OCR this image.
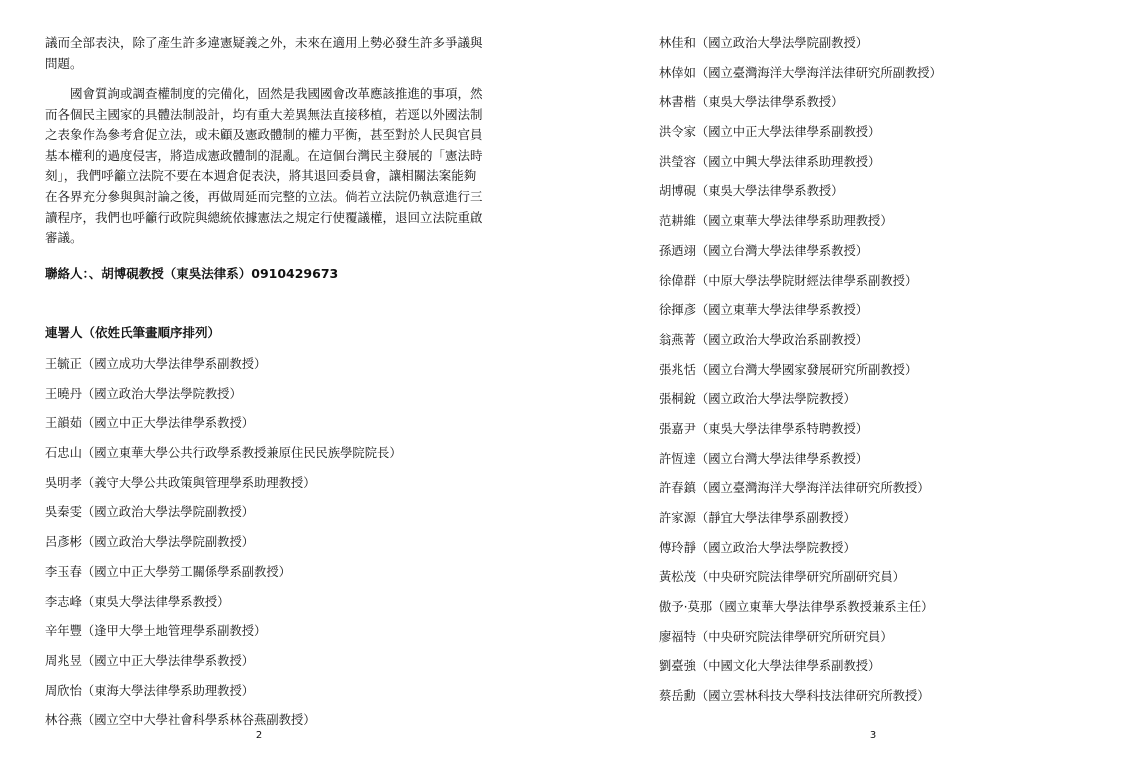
議而全部表決，除了產生許多違憲疑義之外，未來在適用上勢必發生許多爭議與問題。

國會質詢或調查權制度的完備化，固然是我國國會改革應該推進的事項，然而各個民主國家的具體法制設計，均有重大差異無法直接移植，若逕以外國法制之表象作為參考倉促立法，或未顧及憲政體制的權力平衡，甚至對於人民與官員基本權利的過度侵害，將造成憲政體制的混亂。在這個台灣民主發展的「憲法時刻」，我們呼籲立法院不要在本週倉促表決，將其退回委員會，讓相關法案能夠在各界充分參與與討論之後，再做周延而完整的立法。倘若立法院仍執意進行三讀程序，我們也呼籲行政院與總統依據憲法之規定行使覆議權，退回立法院重啟審議。

聯絡人：、胡博硯教授（東吳法律系）0910429673
連署人（依姓氏筆畫順序排列）
王毓正（國立成功大學法律學系副教授）
王曉丹（國立政治大學法學院教授）
王韻茹（國立中正大學法律學系教授）
石忠山（國立東華大學公共行政學系教授兼原住民民族學院院長）
吳明孝（義守大學公共政策與管理學系助理教授）
吳秦雯（國立政治大學法學院副教授）
呂彥彬（國立政治大學法學院副教授）
李玉春（國立中正大學勞工關係學系副教授）
李志峰（東吳大學法律學系教授）
辛年豐（逢甲大學土地管理學系副教授）
周兆昱（國立中正大學法律學系教授）
周欣怡（東海大學法律學系助理教授）
林谷燕（國立空中大學社會科學系林谷燕副教授）
2
林佳和（國立政治大學法學院副教授）
林倖如（國立臺灣海洋大學海洋法律研究所副教授）
林書楷（東吳大學法律學系教授）
洪令家（國立中正大學法律學系副教授）
洪瑩容（國立中興大學法律系助理教授）
胡博硯（東吳大學法律學系教授）
范耕維（國立東華大學法律學系助理教授）
孫迺翊（國立台灣大學法律學系教授）
徐偉群（中原大學法學院財經法律學系副教授）
徐揮彥（國立東華大學法律學系教授）
翁燕菁（國立政治大學政治系副教授）
張兆恬（國立台灣大學國家發展研究所副教授）
張桐銳（國立政治大學法學院教授）
張嘉尹（東吳大學法律學系特聘教授）
許恆達（國立台灣大學法律學系教授）
許春鎮（國立臺灣海洋大學海洋法律研究所教授）
許家源（靜宜大學法律學系副教授）
傅玲靜（國立政治大學法學院教授）
黃松茂（中央研究院法律學研究所副研究員）
傲予·莫那（國立東華大學法律學系教授兼系主任）
廖福特（中央研究院法律學研究所研究員）
劉臺強（中國文化大學法律學系副教授）
蔡岳勳（國立雲林科技大學科技法律研究所教授）
3
